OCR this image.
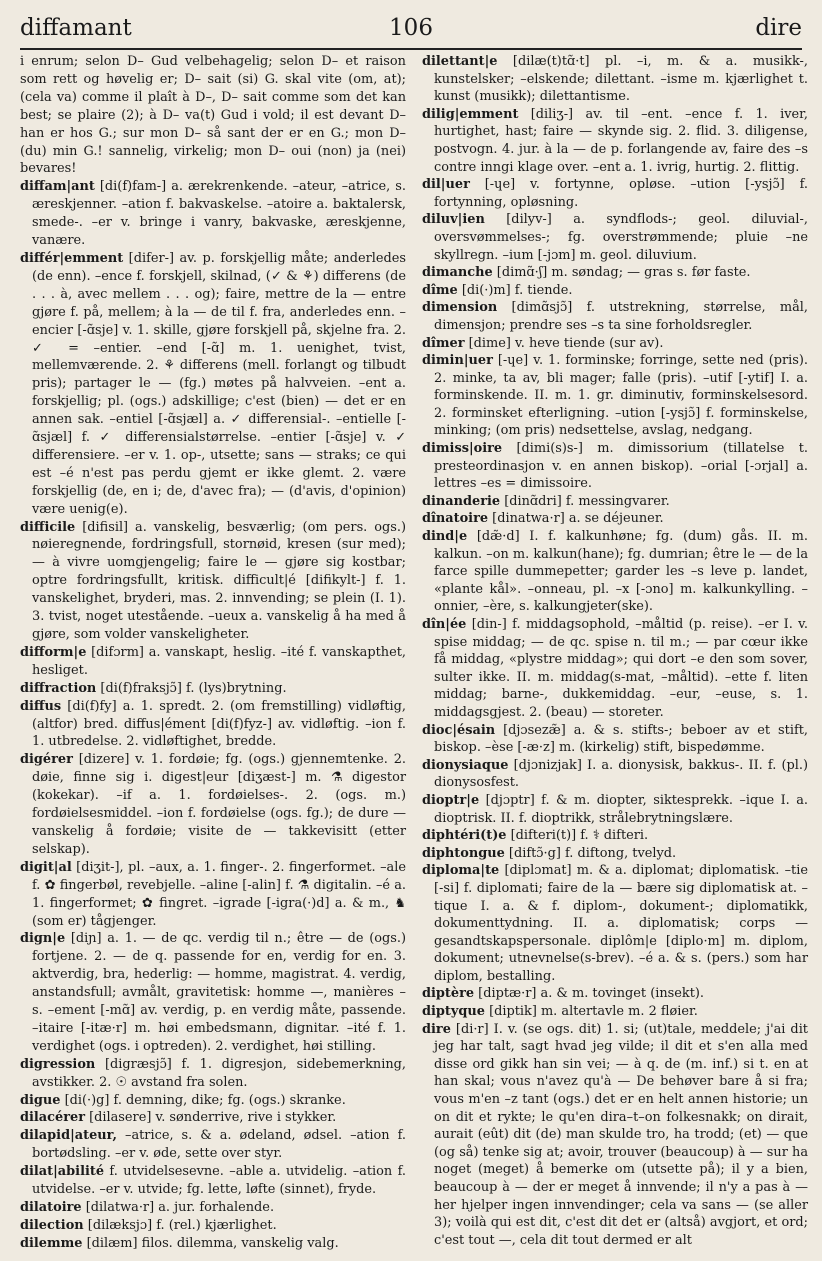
diffamant	106	dire

i enrum; selon D– Gud velbehagelig; selon D– et raison som rett og høvelig er; D– sait (si) G. skal vite (om, at); (cela va) comme il plaît à D–, D– sait comme som det kan best; se plaire (2); à D– va(t) Gud i vold; il est devant D– han er hos G.; sur mon D– så sant der er en G.; mon D– (du) min G.! sannelig, virkelig; mon D– oui (non) ja (nei) bevares!

diffam|ant [di(f)fam-] a. ærekrenkende. –ateur, –atrice, s. æreskjenner. –ation f. bakvaskelse. –atoire a. baktalersk, smede-. –er v. bringe i vanry, bakvaske, æreskjenne, vanære.

différ|emment [difer-] av. p. forskjellig måte; anderledes (de enn). –ence f. forskjell, skilnad, (✓ & ⚘) differens (de . . . à, avec mellem . . . og); faire, mettre de la — entre gjøre f. på, mellem; à la — de til f. fra, anderledes enn. –encier [-ɑ̃sje] v. 1. skille, gjøre forskjell på, skjelne fra. 2. ✓ = –entier. –end [-ɑ̃] m. 1. uenighet, tvist, mellemværende. 2. ⚘ differens (mell. forlangt og tilbudt pris); partager le — (fg.) møtes på halvveien. –ent a. forskjellig; pl. (ogs.) adskillige; c'est (bien) — det er en annen sak. –entiel [-ɑ̃sjæl] a. ✓ differensial-. –entielle [-ɑ̃sjæl] f. ✓ differensialstørrelse. –entier [-ɑ̃sje] v. ✓ differensiere. –er v. 1. op-, utsette; sans — straks; ce qui est –é n'est pas perdu gjemt er ikke glemt. 2. være forskjellig (de, en i; de, d'avec fra); — (d'avis, d'opinion) være uenig(e).

difficile [difisil] a. vanskelig, besværlig; (om pers. ogs.) nøieregnende, fordringsfull, stornøid, kresen (sur med); — à vivre uomgjengelig; faire le — gjøre sig kostbar; optre fordringsfullt, kritisk. difficult|é [difikylt-] f. 1. vanskelighet, bryderi, mas. 2. innvending; se plein (I. 1). 3. tvist, noget utestående. –ueux a. vanskelig å ha med å gjøre, som volder vanskeligheter.

difform|e [difɔrm] a. vanskapt, heslig. –ité f. vanskapthet, hesliget.

diffraction [di(f)fraksjɔ̃] f. (lys)brytning.

diffus [di(f)fy] a. 1. spredt. 2. (om fremstilling) vidløftig, (altfor) bred. diffus|ément [di(f)fyz-] av. vidløftig. –ion f. 1. utbredelse. 2. vidløftighet, bredde.

digérer [dizere] v. 1. fordøie; fg. (ogs.) gjennemtenke. 2. døie, finne sig i. digest|eur [diʒæst-] m. ⚗ digestor (kokekar). –if a. 1. fordøielses-. 2. (ogs. m.) fordøielsesmiddel. –ion f. fordøielse (ogs. fg.); de dure — vanskelig å fordøie; visite de — takkevisitt (etter selskap).

digit|al [diʒit-], pl. –aux, a. 1. finger-. 2. fingerformet. –ale f. ✿ fingerbøl, revebjelle. –aline [-alin] f. ⚗ digitalin. –é a. 1. fingerformet; ✿ fingret. –igrade [-igra(·)d] a. & m., ♞ (som er) tågjenger.

dign|e [diɲ] a. 1. — de qc. verdig til n.; être — de (ogs.) fortjene. 2. — de q. passende for en, verdig for en. 3. aktverdig, bra, hederlig: — homme, magistrat. 4. verdig, anstandsfull; avmålt, gravitetisk: homme —, manières –s. –ement [-mɑ̃] av. verdig, p. en verdig måte, passende. –itaire [-itæ·r] m. høi embedsmann, dignitar. –ité f. 1. verdighet (ogs. i optreden). 2. verdighet, høi stilling.

digression [digræsjɔ̃] f. 1. digresjon, sidebemerkning, avstikker. 2. ☉ avstand fra solen.

digue [di(·)g] f. demning, dike; fg. (ogs.) skranke.

dilacérer [dilasere] v. sønderrive, rive i stykker.

dilapid|ateur, –atrice, s. & a. ødeland, ødsel. –ation f. bortødsling. –er v. øde, sette over styr.

dilat|abilité f. utvidelsesevne. –able a. utvidelig. –ation f. utvidelse. –er v. utvide; fg. lette, løfte (sinnet), fryde.

dilatoire [dilatwa·r] a. jur. forhalende.

dilection [dilæksjɔ] f. (rel.) kjærlighet.

dilemme [dilæm] filos. dilemma, vanskelig valg.

dilettant|e [dilæ(t)tɑ̃·t] pl. –i, m. & a. musikk-, kunstelsker; –elskende; dilettant. –isme m. kjærlighet t. kunst (musikk); dilettantisme.

dilig|emment [diliʒ-] av. til –ent. –ence f. 1. iver, hurtighet, hast; faire — skynde sig. 2. flid. 3. diligense, postvogn. 4. jur. à la — de p. forlangende av, faire des –s contre inngi klage over. –ent a. 1. ivrig, hurtig. 2. flittig.

dil|uer [-ɥe] v. fortynne, opløse. –ution [-ysjɔ̃] f. fortynning, opløsning.

diluv|ien [dilyv-] a. syndflods-; geol. diluvial-, oversvømmelses-; fg. overstrømmende; pluie –ne skyllregn. –ium [-jɔm] m. geol. diluvium.

dimanche [dimɑ̃·ʃ] m. søndag; — gras s. før faste.

dîme [di(·)m] f. tiende.

dimension [dimɑ̃sjɔ̃] f. utstrekning, størrelse, mål, dimensjon; prendre ses –s ta sine forholdsregler.

dîmer [dime] v. heve tiende (sur av).

dimin|uer [-ɥe] v. 1. forminske; forringe, sette ned (pris). 2. minke, ta av, bli mager; falle (pris). –utif [-ytif] I. a. forminskende. II. m. 1. gr. diminutiv, forminskelsesord. 2. forminsket efterligning. –ution [-ysjɔ̃] f. forminskelse, minking; (om pris) nedsettelse, avslag, nedgang.

dimiss|oire [dimi(s)s-] m. dimissorium (tillatelse t. presteordinasjon v. en annen biskop). –orial [-ɔrjal] a. lettres –es = dimissoire.

dinanderie [dinɑ̃dri] f. messingvarer.

dînatoire [dinatwa·r] a. se déjeuner.

dind|e [dæ̃·d] I. f. kalkunhøne; fg. (dum) gås. II. m. kalkun. –on m. kalkun(hane); fg. dumrian; être le — de la farce spille dummepetter; garder les –s leve p. landet, «plante kål». –onneau, pl. –x [-ɔno] m. kalkunkylling. –onnier, –ère, s. kalkungjeter(ske).

dîn|ée [din-] f. middagsophold, –måltid (p. reise). –er I. v. spise middag; — de qc. spise n. til m.; — par cœur ikke få middag, «plystre middag»; qui dort –e den som sover, sulter ikke. II. m. middag(s-mat, –måltid). –ette f. liten middag; barne-, dukkemiddag. –eur, –euse, s. 1. middagsgjest. 2. (beau) — storeter.

dioc|ésain [djɔsezæ̃] a. & s. stifts-; beboer av et stift, biskop. –èse [-æ·z] m. (kirkelig) stift, bispedømme.

dionysiaque [djɔnizjak] I. a. dionysisk, bakkus-. II. f. (pl.) dionysosfest.

dioptr|e [djɔptr] f. & m. diopter, siktesprekk. –ique I. a. dioptrisk. II. f. dioptrikk, strålebrytningslære.

diphtéri(t)e [difteri(t)] f. ⚕ difteri.

diphtongue [diftɔ̃·g] f. diftong, tvelyd.

diploma|te [diplɔmat] m. & a. diplomat; diplomatisk. –tie [-si] f. diplomati; faire de la — bære sig diplomatisk at. –tique I. a. & f. diplom-, dokument-; diplomatikk, dokumenttydning. II. a. diplomatisk; corps — gesandtskapspersonale. diplôm|e [diplo·m] m. diplom, dokument; utnevnelse(s-brev). –é a. & s. (pers.) som har diplom, bestalling.

diptère [diptæ·r] a. & m. tovinget (insekt).

diptyque [diptik] m. altertavle m. 2 fløier.

dire [di·r] I. v. (se ogs. dit) 1. si; (ut)tale, meddele; j'ai dit jeg har talt, sagt hvad jeg vilde; il dit et s'en alla med disse ord gikk han sin vei; — à q. de (m. inf.) si t. en at han skal; vous n'avez qu'à — De behøver bare å si fra; vous m'en –z tant (ogs.) det er en helt annen historie; un on dit et rykte; le qu'en dira–t–on folkesnakk; on dirait, aurait (eût) dit (de) man skulde tro, ha trodd; (et) — que (og så) tenke sig at; avoir, trouver (beaucoup) à — sur ha noget (meget) å bemerke om (utsette på); il y a bien, beaucoup à — der er meget å innvende; il n'y a pas à — her hjelper ingen innvendinger; cela va sans — (se aller 3); voilà qui est dit, c'est dit det er (altså) avgjort, et ord; c'est tout —, cela dit tout dermed er alt
